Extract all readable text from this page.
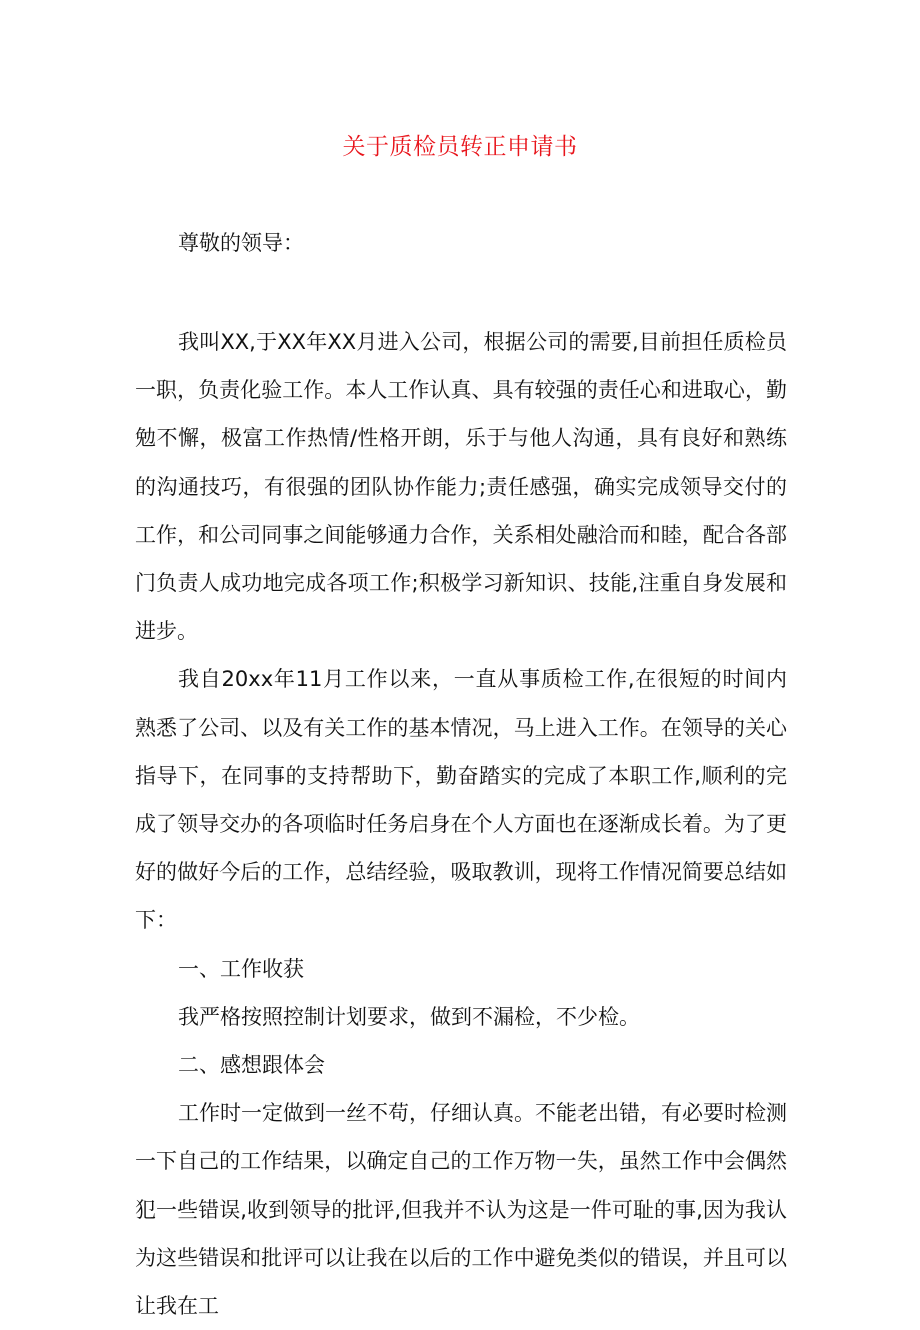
关于质检员转正申请书
尊敬的领导：

我叫XX,于XX年XX月进入公司，根据公司的需要,目前担任质检员一职，负责化验工作。本人工作认真、具有较强的责任心和进取心，勤勉不懈，极富工作热情/性格开朗，乐于与他人沟通，具有良好和熟练的沟通技巧，有很强的团队协作能力;责任感强，确实完成领导交付的工作，和公司同事之间能够通力合作，关系相处融洽而和睦，配合各部门负责人成功地完成各项工作;积极学习新知识、技能,注重自身发展和进步。

我自20xx年11月工作以来，一直从事质检工作,在很短的时间内熟悉了公司、以及有关工作的基本情况，马上进入工作。在领导的关心指导下，在同事的支持帮助下，勤奋踏实的完成了本职工作,顺利的完成了领导交办的各项临时任务启身在个人方面也在逐渐成长着。为了更好的做好今后的工作，总结经验，吸取教训，现将工作情况简要总结如下：

一、工作收获

我严格按照控制计划要求，做到不漏检，不少检。

二、感想跟体会

工作时一定做到一丝不苟，仔细认真。不能老出错，有必要时检测一下自己的工作结果，以确定自己的工作万物一失，虽然工作中会偶然犯一些错误,收到领导的批评,但我并不认为这是一件可耻的事,因为我认为这些错误和批评可以让我在以后的工作中避免类似的错误，并且可以让我在工
